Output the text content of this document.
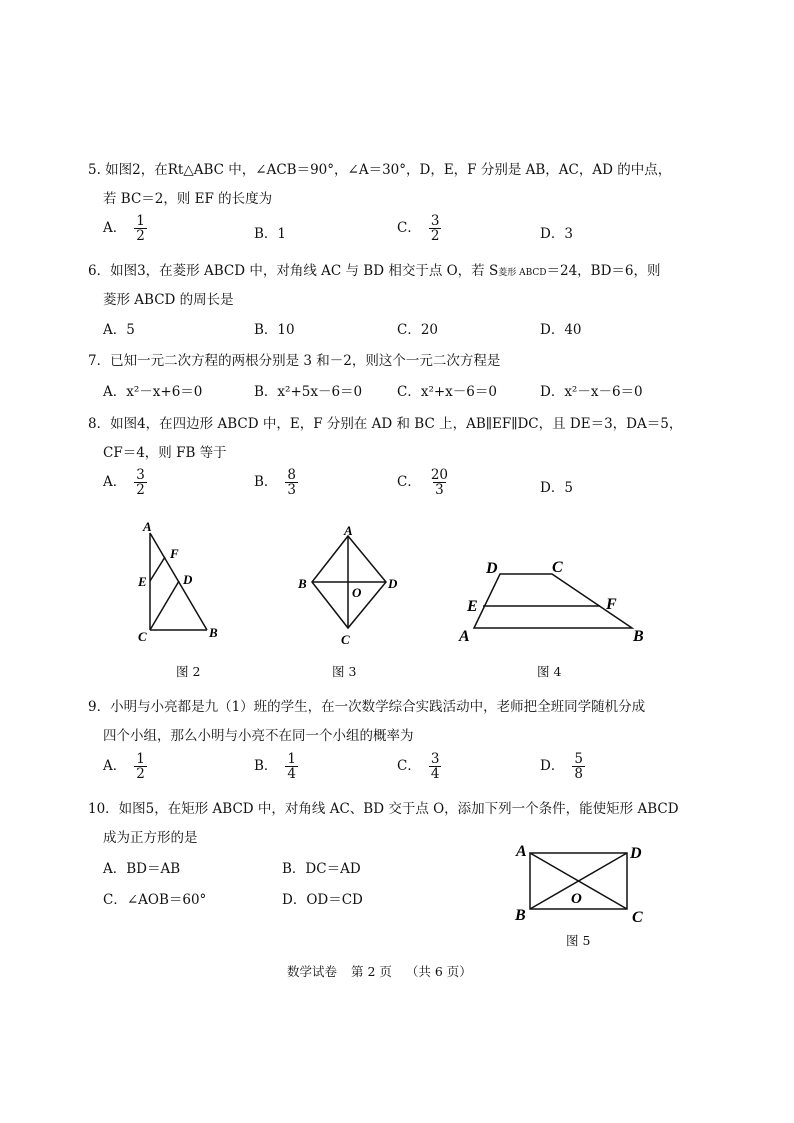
5. 如图2，在Rt△ABC 中，∠ACB＝90°，∠A＝30°，D，E，F 分别是 AB，AC，AD 的中点，
若 BC＝2，则 EF 的长度为
A． $\frac{1}{2}$	B．1	C． $\frac{3}{2}$	D．3
6．如图3，在菱形 ABCD 中，对角线 AC 与 BD 相交于点 O，若 S菱形 ABCD＝24，BD＝6，则
菱形 ABCD 的周长是
A．5	B．10	C．20	D．40
7．已知一元二次方程的两根分别是 3 和－2，则这个一元二次方程是
A．x²－x+6＝0	B．x²+5x－6＝0	C．x²+x－6＝0	D．x²－x－6＝0
8．如图4，在四边形 ABCD 中，E，F 分别在 AD 和 BC 上，AB∥EF∥DC，且 DE＝3，DA＝5，
CF＝4，则 FB 等于
A． $\frac{3}{2}$	B． $\frac{8}{3}$	C． $\frac{20}{3}$	D．5
A
F
E	D
C	B
图 2
A
B	D
O
C
图 3
D	C
E	F
A	B
图 4
9．小明与小亮都是九（1）班的学生，在一次数学综合实践活动中，老师把全班同学随机分成
四个小组，那么小明与小亮不在同一个小组的概率为
A． $\frac{1}{2}$	B． $\frac{1}{4}$	C． $\frac{3}{4}$	D． $\frac{5}{8}$
10．如图5，在矩形 ABCD 中，对角线 AC、BD 交于点 O，添加下列一个条件，能使矩形 ABCD
成为正方形的是
A．BD＝AB	B．DC＝AD
C．∠AOB＝60°	D．OD＝CD
A	D
O
B	C
图 5
数学试卷 第 2 页 （共 6 页）
